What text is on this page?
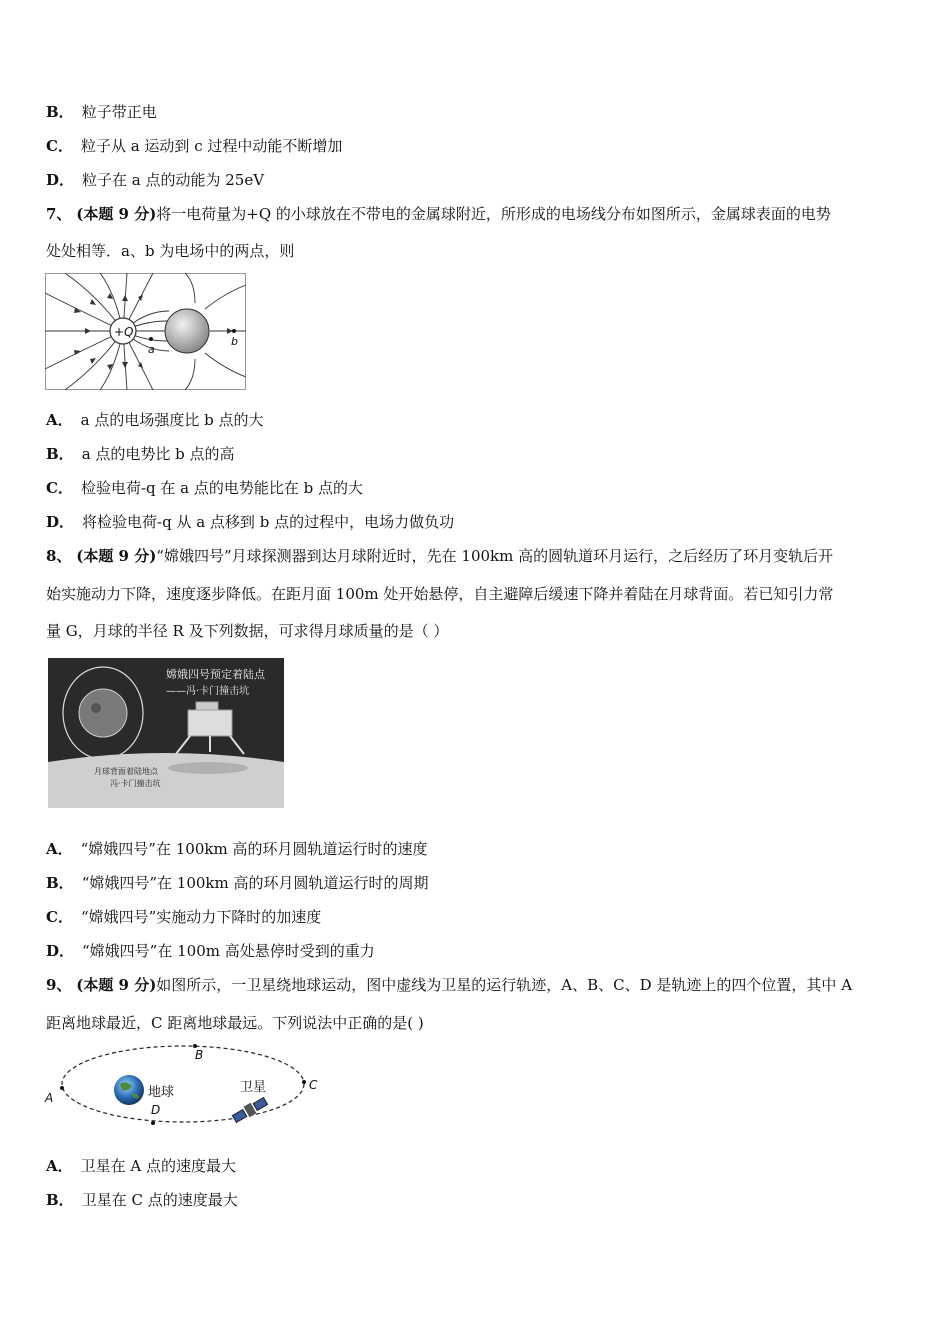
B． 粒子带正电
C． 粒子从 a 运动到 c 过程中动能不断增加
D． 粒子在 a 点的动能为 25eV
7、 (本题 9 分)将一电荷量为+Q 的小球放在不带电的金属球附近，所形成的电场线分布如图所示，金属球表面的电势
处处相等．a、b 为电场中的两点，则
+Q
a
b
A． a 点的电场强度比 b 点的大
B． a 点的电势比 b 点的高
C． 检验电荷-q 在 a 点的电势能比在 b 点的大
D． 将检验电荷-q 从 a 点移到 b 点的过程中，电场力做负功
8、 (本题 9 分)“嫦娥四号”月球探测器到达月球附近时，先在 100km 高的圆轨道环月运行，之后经历了环月变轨后开
始实施动力下降，速度逐步降低。在距月面 100m 处开始悬停，自主避障后缓速下降并着陆在月球背面。若已知引力常
量 G，月球的半径 R 及下列数据，可求得月球质量的是（ ）
嫦娥四号预定着陆点
——冯·卡门撞击坑
月球背面着陆地点
冯·卡门撞击坑
A． “嫦娥四号”在 100km 高的环月圆轨道运行时的速度
B． “嫦娥四号”在 100km 高的环月圆轨道运行时的周期
C． “嫦娥四号”实施动力下降时的加速度
D． “嫦娥四号”在 100m 高处悬停时受到的重力
9、 (本题 9 分)如图所示，一卫星绕地球运动，图中虚线为卫星的运行轨迹，A、B、C、D 是轨迹上的四个位置，其中 A
距离地球最近，C 距离地球最远。下列说法中正确的是( )
A
B
C
D
地球	卫星
A． 卫星在 A 点的速度最大
B． 卫星在 C 点的速度最大
